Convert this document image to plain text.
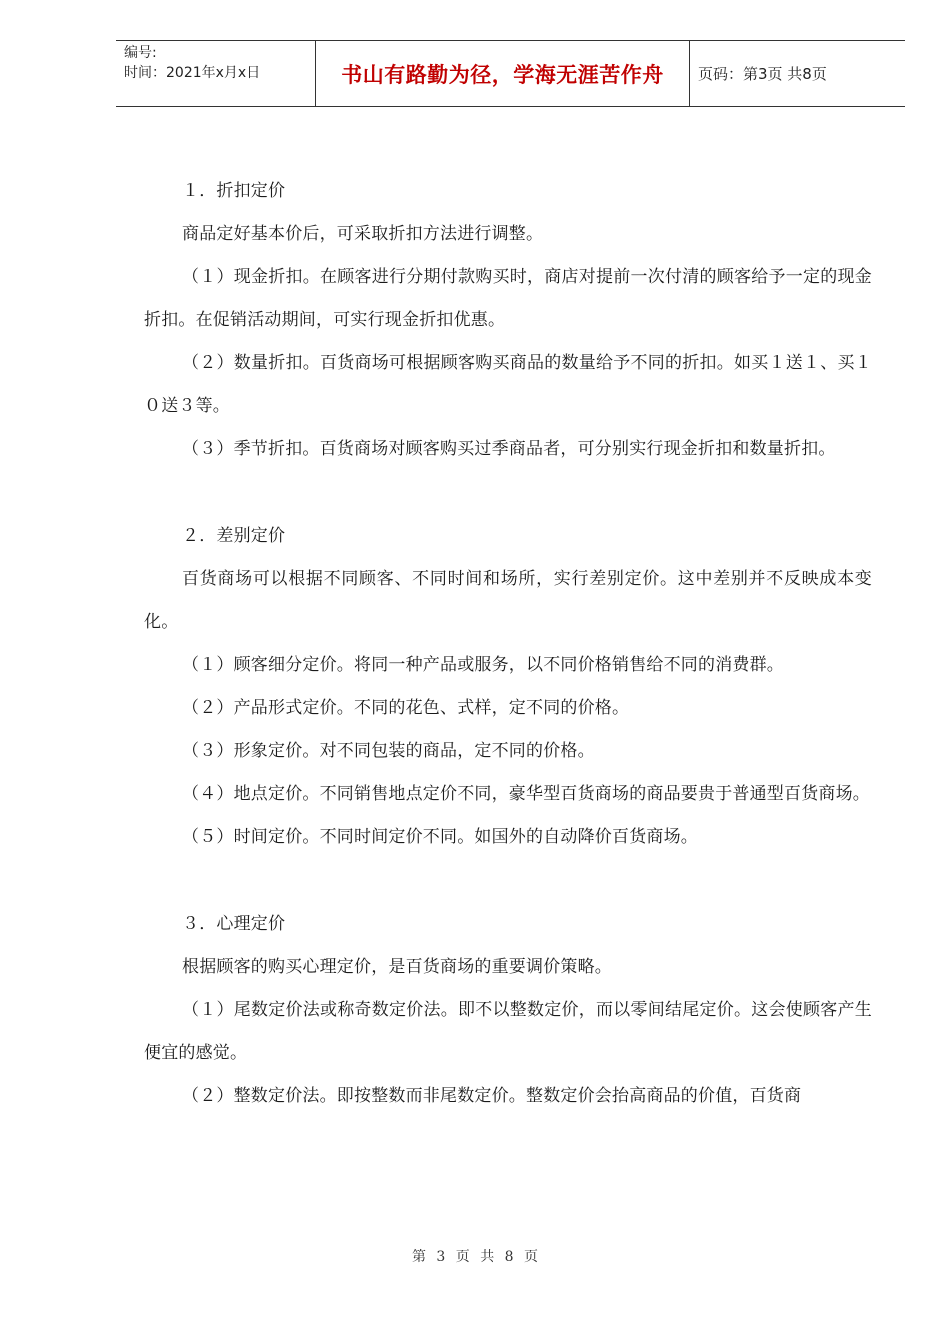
编号:
时间：2021年x月x日	书山有路勤为径，学海无涯苦作舟	页码：第3页 共8页

１．折扣定价

商品定好基本价后，可采取折扣方法进行调整。

（１）现金折扣。在顾客进行分期付款购买时，商店对提前一次付清的顾客给予一定的现金折扣。在促销活动期间，可实行现金折扣优惠。

（２）数量折扣。百货商场可根据顾客购买商品的数量给予不同的折扣。如买１送１、买１０送３等。

（３）季节折扣。百货商场对顾客购买过季商品者，可分别实行现金折扣和数量折扣。

２．差别定价

百货商场可以根据不同顾客、不同时间和场所，实行差别定价。这中差别并不反映成本变化。

（１）顾客细分定价。将同一种产品或服务，以不同价格销售给不同的消费群。

（２）产品形式定价。不同的花色、式样，定不同的价格。

（３）形象定价。对不同包装的商品，定不同的价格。

（４）地点定价。不同销售地点定价不同，豪华型百货商场的商品要贵于普通型百货商场。

（５）时间定价。不同时间定价不同。如国外的自动降价百货商场。

３．心理定价

根据顾客的购买心理定价，是百货商场的重要调价策略。

（１）尾数定价法或称奇数定价法。即不以整数定价，而以零间结尾定价。这会使顾客产生便宜的感觉。

（２）整数定价法。即按整数而非尾数定价。整数定价会抬高商品的价值，百货商

第 3 页 共 8 页
